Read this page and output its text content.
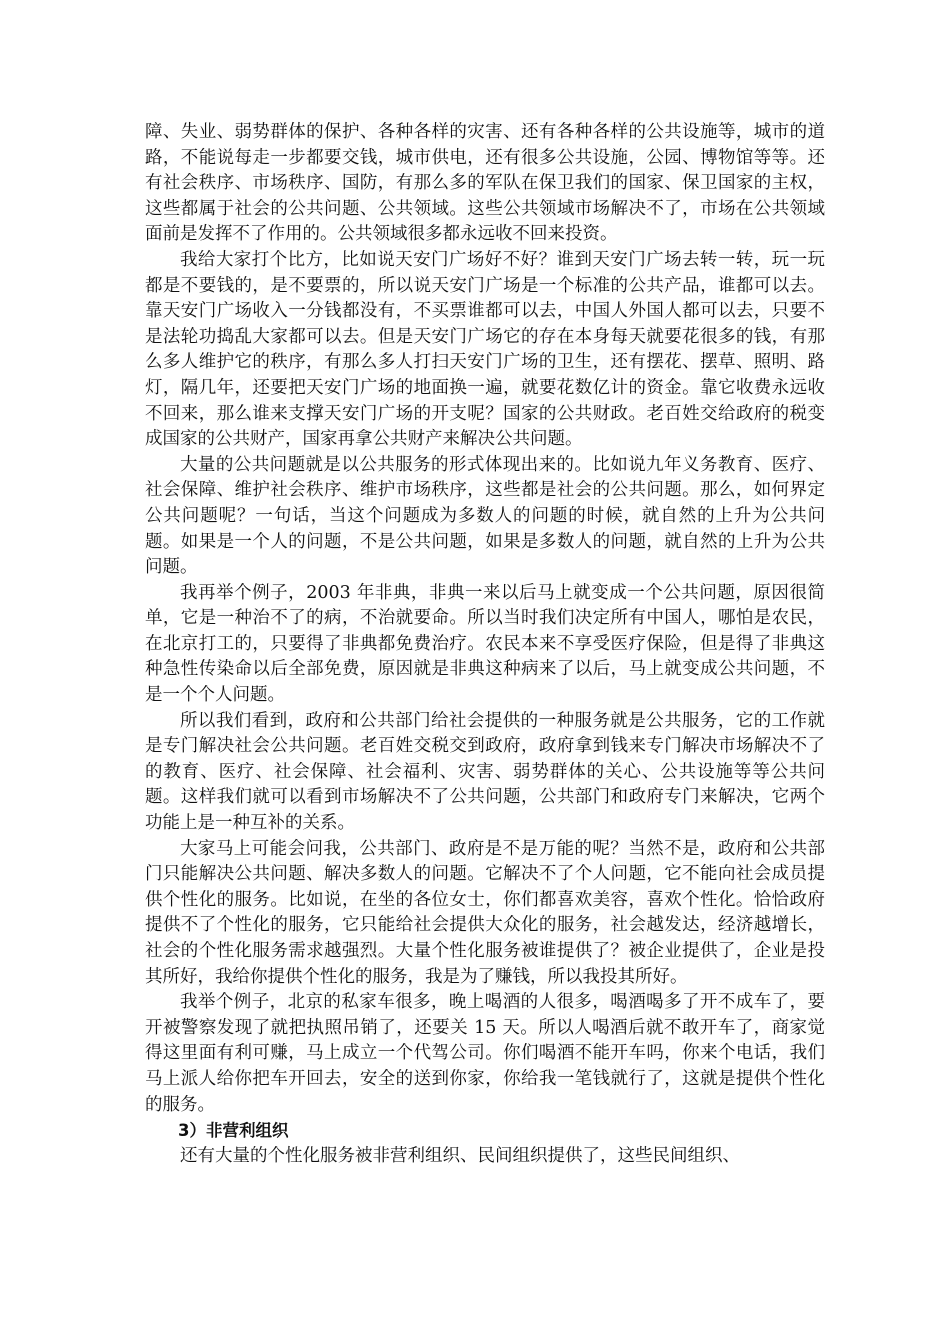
障、失业、弱势群体的保护、各种各样的灾害、还有各种各样的公共设施等，城市的道路，不能说每走一步都要交钱，城市供电，还有很多公共设施，公园、博物馆等等。还有社会秩序、市场秩序、国防，有那么多的军队在保卫我们的国家、保卫国家的主权，这些都属于社会的公共问题、公共领域。这些公共领域市场解决不了，市场在公共领域面前是发挥不了作用的。公共领域很多都永远收不回来投资。

我给大家打个比方，比如说天安门广场好不好？谁到天安门广场去转一转，玩一玩都是不要钱的，是不要票的，所以说天安门广场是一个标准的公共产品，谁都可以去。靠天安门广场收入一分钱都没有，不买票谁都可以去，中国人外国人都可以去，只要不是法轮功捣乱大家都可以去。但是天安门广场它的存在本身每天就要花很多的钱，有那么多人维护它的秩序，有那么多人打扫天安门广场的卫生，还有摆花、摆草、照明、路灯，隔几年，还要把天安门广场的地面换一遍，就要花数亿计的资金。靠它收费永远收不回来，那么谁来支撑天安门广场的开支呢？国家的公共财政。老百姓交给政府的税变成国家的公共财产，国家再拿公共财产来解决公共问题。

大量的公共问题就是以公共服务的形式体现出来的。比如说九年义务教育、医疗、社会保障、维护社会秩序、维护市场秩序，这些都是社会的公共问题。那么，如何界定公共问题呢？一句话，当这个问题成为多数人的问题的时候，就自然的上升为公共问题。如果是一个人的问题，不是公共问题，如果是多数人的问题，就自然的上升为公共问题。

我再举个例子，2003 年非典，非典一来以后马上就变成一个公共问题，原因很简单，它是一种治不了的病，不治就要命。所以当时我们决定所有中国人，哪怕是农民，在北京打工的，只要得了非典都免费治疗。农民本来不享受医疗保险，但是得了非典这种急性传染命以后全部免费，原因就是非典这种病来了以后，马上就变成公共问题，不是一个个人问题。

所以我们看到，政府和公共部门给社会提供的一种服务就是公共服务，它的工作就是专门解决社会公共问题。老百姓交税交到政府，政府拿到钱来专门解决市场解决不了的教育、医疗、社会保障、社会福利、灾害、弱势群体的关心、公共设施等等公共问题。这样我们就可以看到市场解决不了公共问题，公共部门和政府专门来解决，它两个功能上是一种互补的关系。

大家马上可能会问我，公共部门、政府是不是万能的呢？当然不是，政府和公共部门只能解决公共问题、解决多数人的问题。它解决不了个人问题，它不能向社会成员提供个性化的服务。比如说，在坐的各位女士，你们都喜欢美容，喜欢个性化。恰恰政府提供不了个性化的服务，它只能给社会提供大众化的服务，社会越发达，经济越增长，社会的个性化服务需求越强烈。大量个性化服务被谁提供了？被企业提供了，企业是投其所好，我给你提供个性化的服务，我是为了赚钱，所以我投其所好。

我举个例子，北京的私家车很多，晚上喝酒的人很多，喝酒喝多了开不成车了，要开被警察发现了就把执照吊销了，还要关 15 天。所以人喝酒后就不敢开车了，商家觉得这里面有利可赚，马上成立一个代驾公司。你们喝酒不能开车吗，你来个电话，我们马上派人给你把车开回去，安全的送到你家，你给我一笔钱就行了，这就是提供个性化的服务。

3）非营利组织

还有大量的个性化服务被非营利组织、民间组织提供了，这些民间组织、
